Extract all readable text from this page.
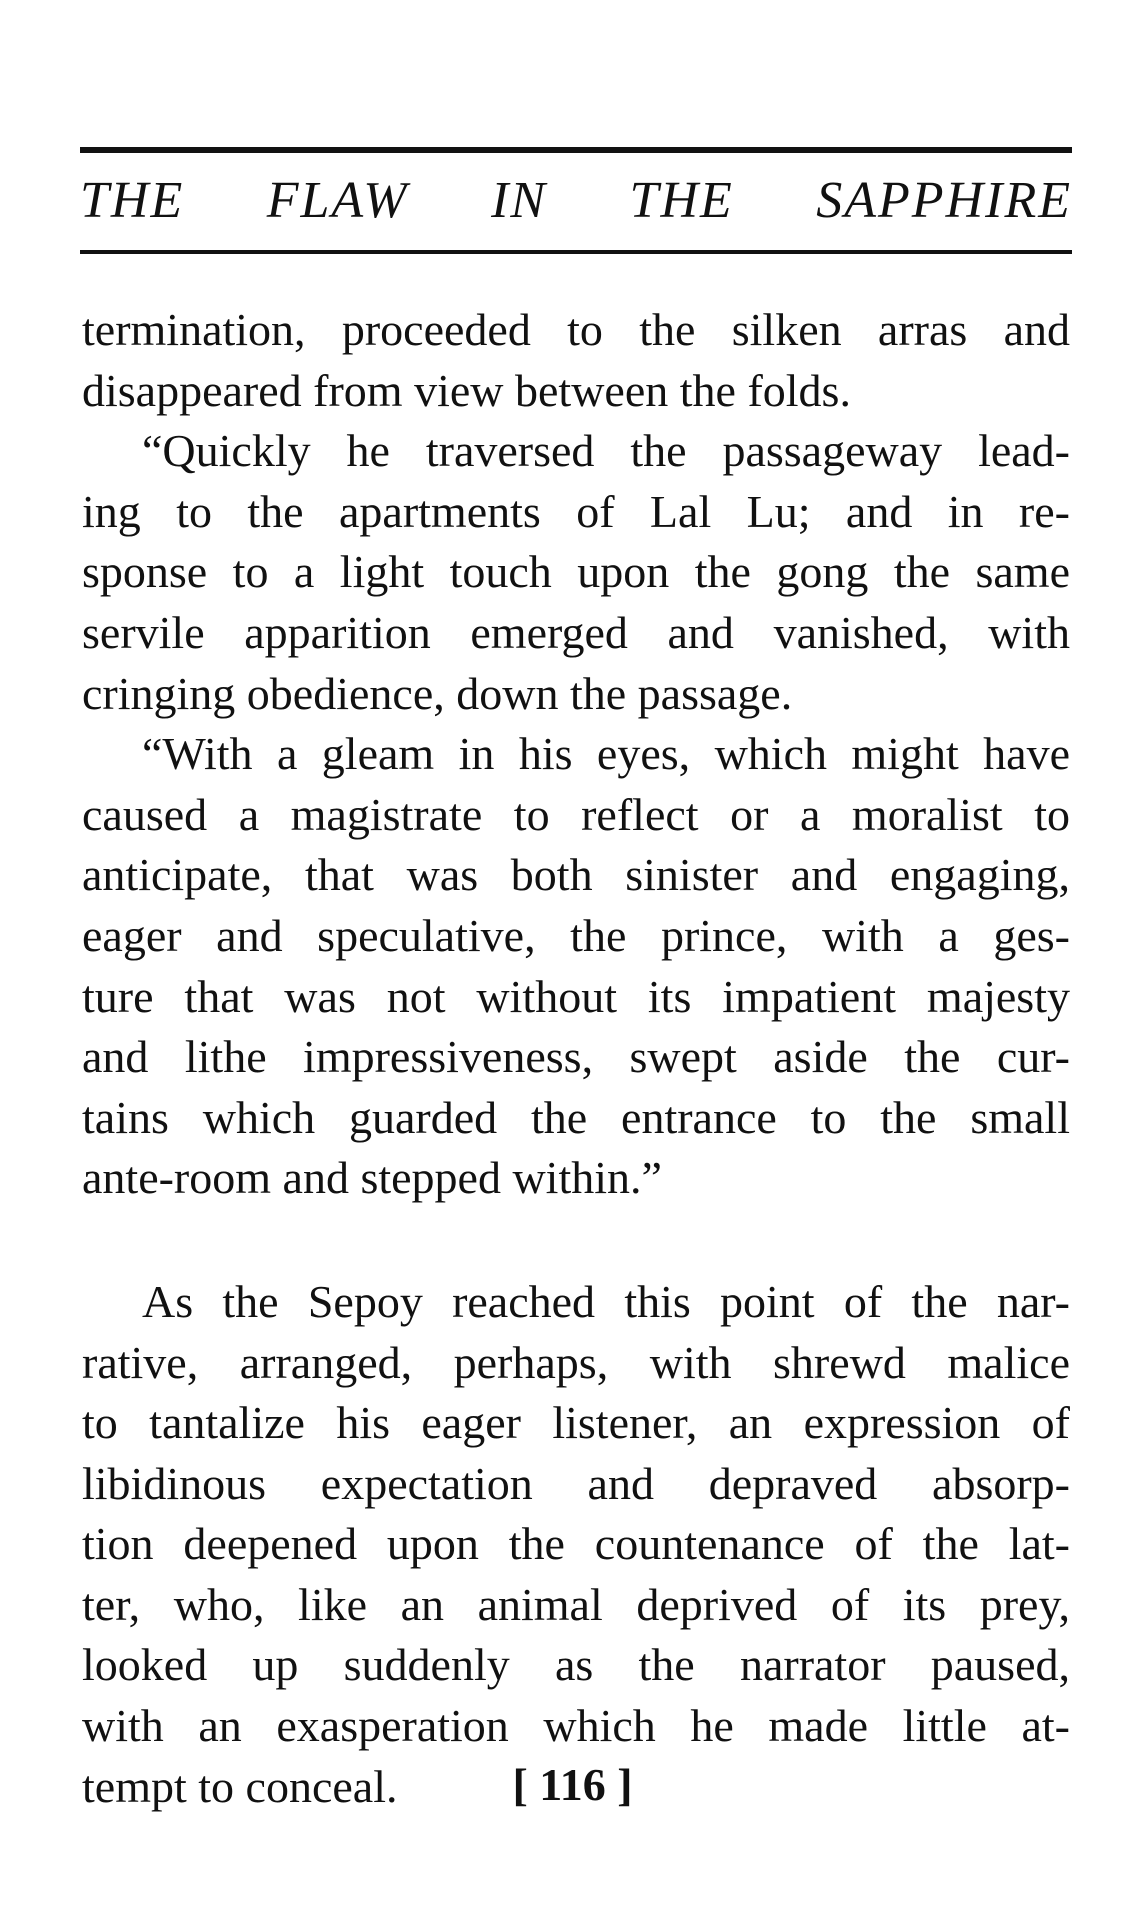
THE FLAW IN THE SAPPHIRE
termination, proceeded to the silken arras and
disappeared from view between the folds.
“Quickly he traversed the passageway lead-
ing to the apartments of Lal Lu; and in re-
sponse to a light touch upon the gong the same
servile apparition emerged and vanished, with
cringing obedience, down the passage.
“With a gleam in his eyes, which might have
caused a magistrate to reflect or a moralist to
anticipate, that was both sinister and engaging,
eager and speculative, the prince, with a ges-
ture that was not without its impatient majesty
and lithe impressiveness, swept aside the cur-
tains which guarded the entrance to the small
ante-room and stepped within.”
As the Sepoy reached this point of the nar-
rative, arranged, perhaps, with shrewd malice
to tantalize his eager listener, an expression of
libidinous expectation and depraved absorp-
tion deepened upon the countenance of the lat-
ter, who, like an animal deprived of its prey,
looked up suddenly as the narrator paused,
with an exasperation which he made little at-
tempt to conceal.	[ 116 ]
